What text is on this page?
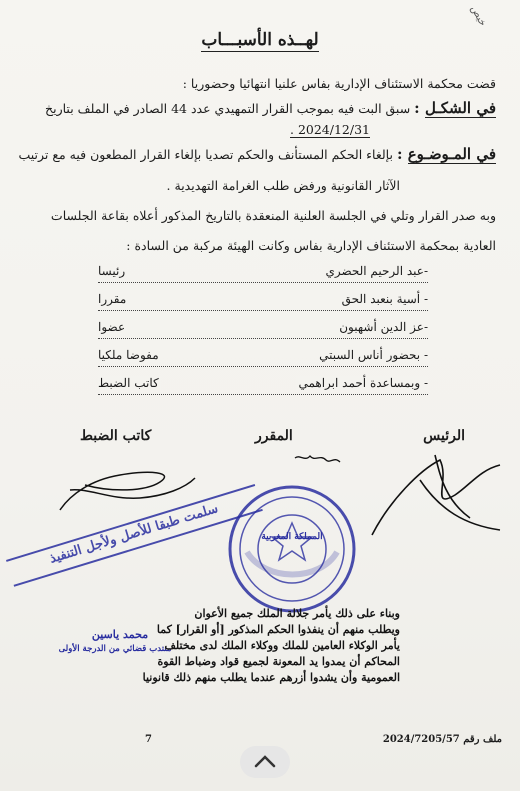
خيص
لهــذه الأسبـــاب
قضت محكمة الاستئناف الإدارية بفاس علنيا انتهائيا وحضوريا :
في الشكـل : سبق البت فيه بموجب القرار التمهيدي عدد 44 الصادر في الملف بتاريخ
2024/12/31 .
في المـوضـوع : بإلغاء الحكم المستأنف والحكم تصديا بإلغاء القرار المطعون فيه مع ترتيب
الآثار القانونية ورفض طلب الغرامة التهديدية .
وبه صدر القرار وتلي في الجلسة العلنية المنعقدة بالتاريخ المذكور أعلاه بقاعة الجلسات
العادية بمحكمة الاستئناف الإدارية بفاس وكانت الهيئة مركبة من السادة :
-عبد الرحيم الحضري
رئيسا
- أسية بنعبد الحق
مقررا
-عز الدين أشهبون
عضوا
- بحضور أناس السبتي
مفوضا ملكيا
- وبمساعدة أحمد ابراهمي
كاتب الضبط
الرئيس
المقرر
كاتب الضبط
المملكة المغربية
سلمت طبقا للأصل ولأجل التنفيذ
محمد ياسين
منتدب قضائي من الدرجة الأولى
وبناء على ذلك يأمر جلالة الملك جميع الأعوان
ويطلب منهم أن ينفذوا الحكم المذكور [أو القرار] كما
يأمر الوكلاء العامين للملك ووكلاء الملك لدى مختلف
المحاكم أن يمدوا يد المعونة لجميع قواد وضباط القوة
العمومية وأن يشدوا أزرهم عندما يطلب منهم ذلك قانونيا
7	ملف رقم 2024/7205/57
